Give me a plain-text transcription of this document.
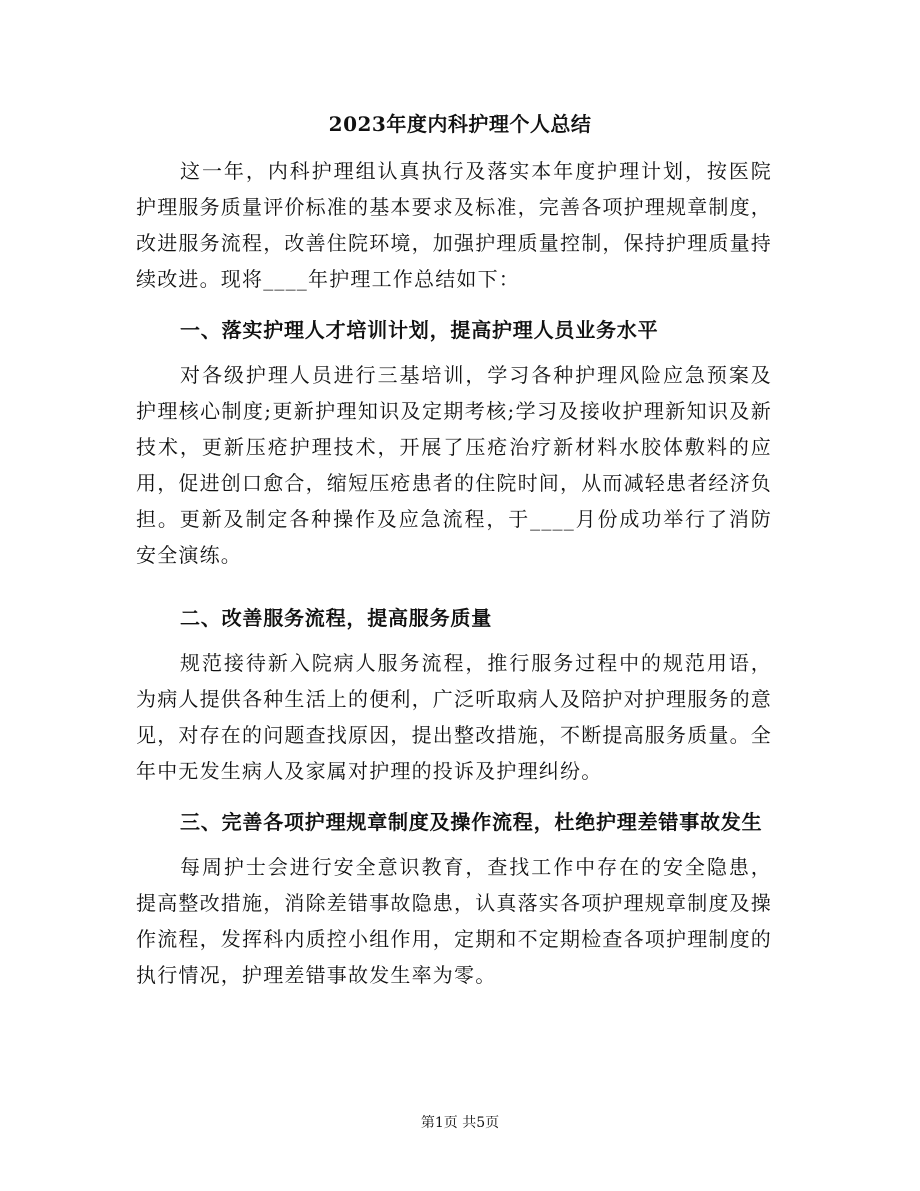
2023年度内科护理个人总结

这一年，内科护理组认真执行及落实本年度护理计划，按医院护理服务质量评价标准的基本要求及标准，完善各项护理规章制度，改进服务流程，改善住院环境，加强护理质量控制，保持护理质量持续改进。现将____年护理工作总结如下：

一、落实护理人才培训计划，提高护理人员业务水平

对各级护理人员进行三基培训，学习各种护理风险应急预案及护理核心制度;更新护理知识及定期考核;学习及接收护理新知识及新技术，更新压疮护理技术，开展了压疮治疗新材料水胶体敷料的应用，促进创口愈合，缩短压疮患者的住院时间，从而减轻患者经济负担。更新及制定各种操作及应急流程，于____月份成功举行了消防安全演练。

二、改善服务流程，提高服务质量

规范接待新入院病人服务流程，推行服务过程中的规范用语，为病人提供各种生活上的便利，广泛听取病人及陪护对护理服务的意见，对存在的问题查找原因，提出整改措施，不断提高服务质量。全年中无发生病人及家属对护理的投诉及护理纠纷。

三、完善各项护理规章制度及操作流程，杜绝护理差错事故发生

每周护士会进行安全意识教育，查找工作中存在的安全隐患，提高整改措施，消除差错事故隐患，认真落实各项护理规章制度及操作流程，发挥科内质控小组作用，定期和不定期检查各项护理制度的执行情况，护理差错事故发生率为零。

第1页 共5页
